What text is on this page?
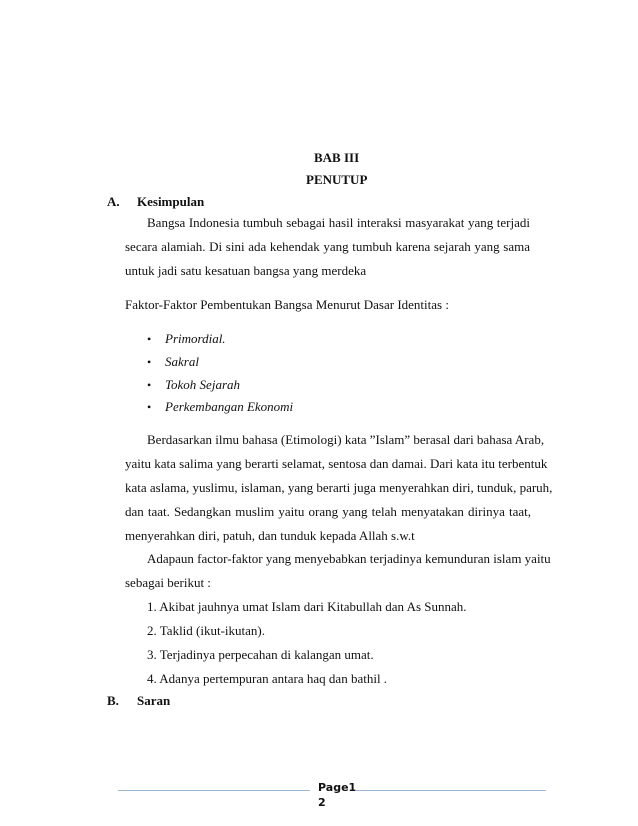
BAB III
PENUTUP
A. Kesimpulan
Bangsa Indonesia tumbuh sebagai hasil interaksi masyarakat yang terjadi
secara alamiah. Di sini ada kehendak yang tumbuh karena sejarah yang sama
untuk jadi satu kesatuan bangsa yang merdeka
Faktor-Faktor Pembentukan Bangsa Menurut Dasar Identitas :
• Primordial.
• Sakral
• Tokoh Sejarah
• Perkembangan Ekonomi
Berdasarkan ilmu bahasa (Etimologi) kata ”Islam” berasal dari bahasa Arab,
yaitu kata salima yang berarti selamat, sentosa dan damai. Dari kata itu terbentuk
kata aslama, yuslimu, islaman, yang berarti juga menyerahkan diri, tunduk, paruh,
dan taat. Sedangkan muslim yaitu orang yang telah menyatakan dirinya taat,
menyerahkan diri, patuh, dan tunduk kepada Allah s.w.t
Adapaun factor-faktor yang menyebabkan terjadinya kemunduran islam yaitu
sebagai berikut :
1. Akibat jauhnya umat Islam dari Kitabullah dan As Sunnah.
2. Taklid (ikut-ikutan).
3. Terjadinya perpecahan di kalangan umat.
4. Adanya pertempuran antara haq dan bathil .
B. Saran
Page1
2
